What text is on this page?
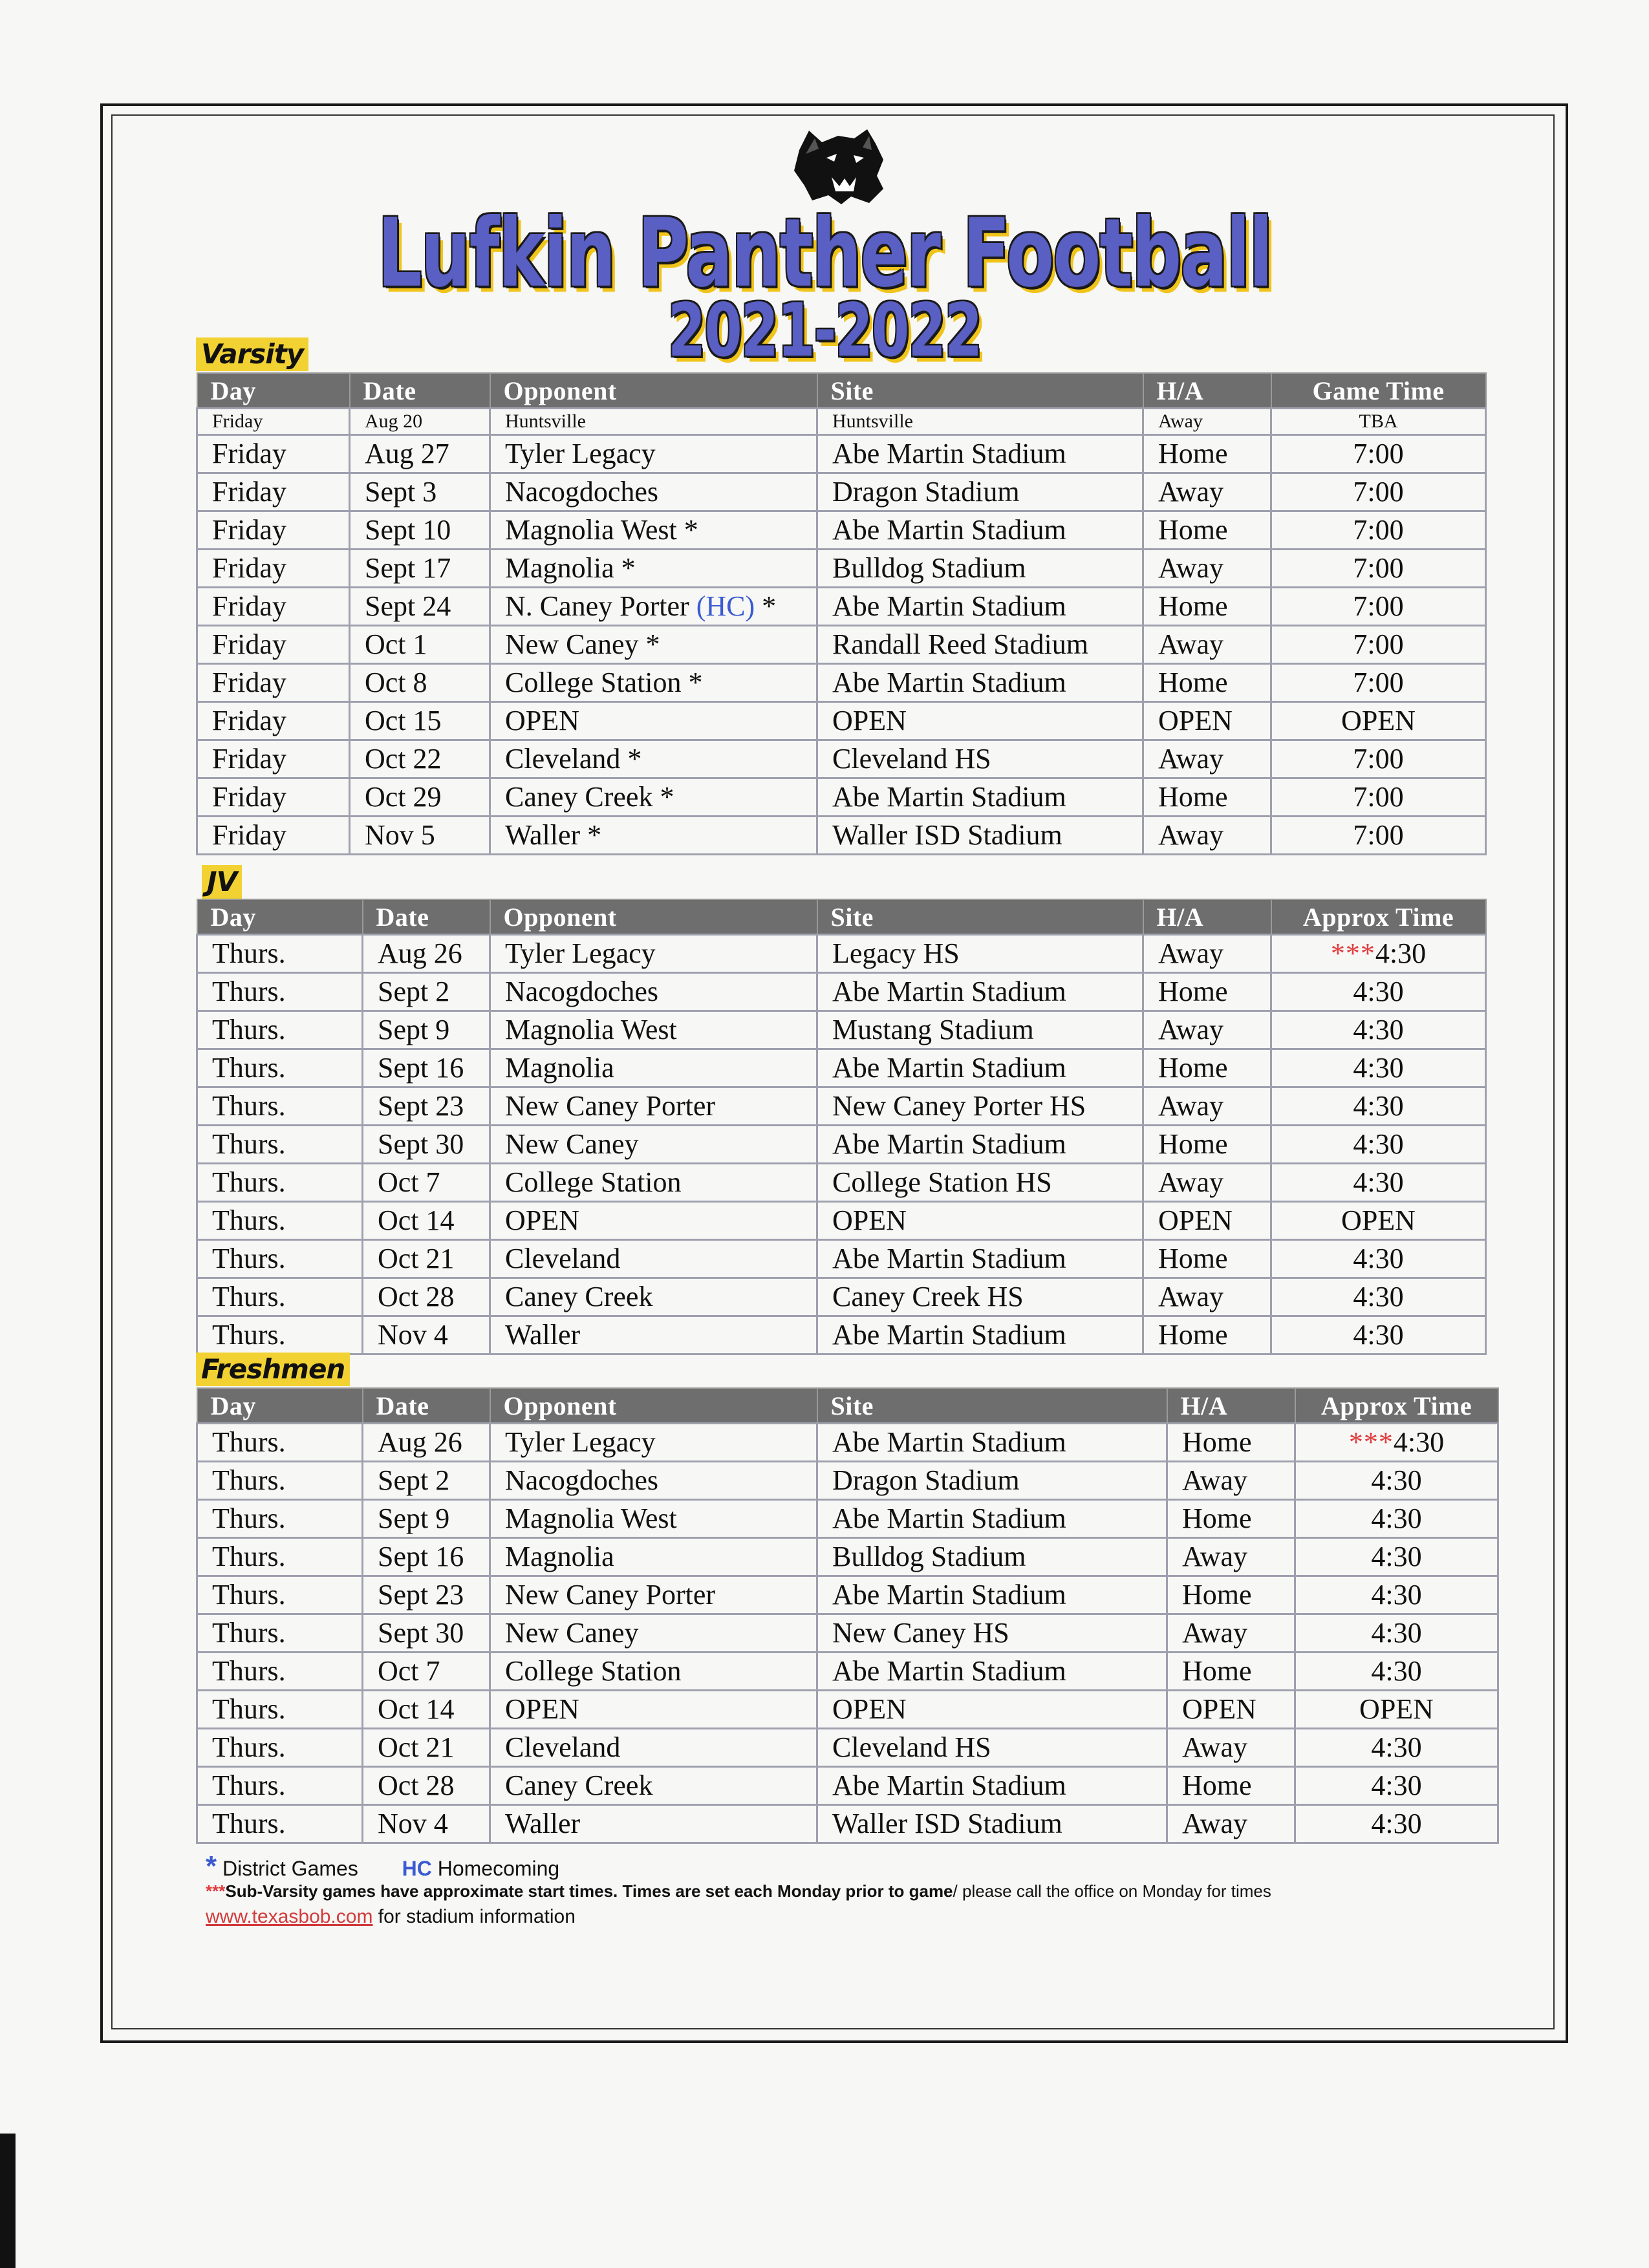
Lufkin Panther Football
2021-2022
Varsity
Day	Date	Opponent	Site	H/A	Game Time
Friday	Aug 20	Huntsville	Huntsville	Away	TBA
Friday	Aug 27	Tyler Legacy	Abe Martin Stadium	Home	7:00
Friday	Sept 3	Nacogdoches	Dragon Stadium	Away	7:00
Friday	Sept 10	Magnolia West *	Abe Martin Stadium	Home	7:00
Friday	Sept 17	Magnolia *	Bulldog Stadium	Away	7:00
Friday	Sept 24	N. Caney Porter (HC) *	Abe Martin Stadium	Home	7:00
Friday	Oct 1	New Caney *	Randall Reed Stadium	Away	7:00
Friday	Oct 8	College Station *	Abe Martin Stadium	Home	7:00
Friday	Oct 15	OPEN	OPEN	OPEN	OPEN
Friday	Oct 22	Cleveland *	Cleveland HS	Away	7:00
Friday	Oct 29	Caney Creek *	Abe Martin Stadium	Home	7:00
Friday	Nov 5	Waller *	Waller ISD Stadium	Away	7:00
JV
Day	Date	Opponent	Site	H/A	Approx Time
Thurs.	Aug 26	Tyler Legacy	Legacy HS	Away	***4:30
Thurs.	Sept 2	Nacogdoches	Abe Martin Stadium	Home	4:30
Thurs.	Sept 9	Magnolia West	Mustang Stadium	Away	4:30
Thurs.	Sept 16	Magnolia	Abe Martin Stadium	Home	4:30
Thurs.	Sept 23	New Caney Porter	New Caney Porter HS	Away	4:30
Thurs.	Sept 30	New Caney	Abe Martin Stadium	Home	4:30
Thurs.	Oct 7	College Station	College Station HS	Away	4:30
Thurs.	Oct 14	OPEN	OPEN	OPEN	OPEN
Thurs.	Oct 21	Cleveland	Abe Martin Stadium	Home	4:30
Thurs.	Oct 28	Caney Creek	Caney Creek HS	Away	4:30
Thurs.	Nov 4	Waller	Abe Martin Stadium	Home	4:30
Freshmen
Day	Date	Opponent	Site	H/A	Approx Time
Thurs.	Aug 26	Tyler Legacy	Abe Martin Stadium	Home	***4:30
Thurs.	Sept 2	Nacogdoches	Dragon Stadium	Away	4:30
Thurs.	Sept 9	Magnolia West	Abe Martin Stadium	Home	4:30
Thurs.	Sept 16	Magnolia	Bulldog Stadium	Away	4:30
Thurs.	Sept 23	New Caney Porter	Abe Martin Stadium	Home	4:30
Thurs.	Sept 30	New Caney	New Caney HS	Away	4:30
Thurs.	Oct 7	College Station	Abe Martin Stadium	Home	4:30
Thurs.	Oct 14	OPEN	OPEN	OPEN	OPEN
Thurs.	Oct 21	Cleveland	Cleveland HS	Away	4:30
Thurs.	Oct 28	Caney Creek	Abe Martin Stadium	Home	4:30
Thurs.	Nov 4	Waller	Waller ISD Stadium	Away	4:30
* District Games HC Homecoming
***Sub-Varsity games have approximate start times. Times are set each Monday prior to game/ please call the office on Monday for times
www.texasbob.com for stadium information
